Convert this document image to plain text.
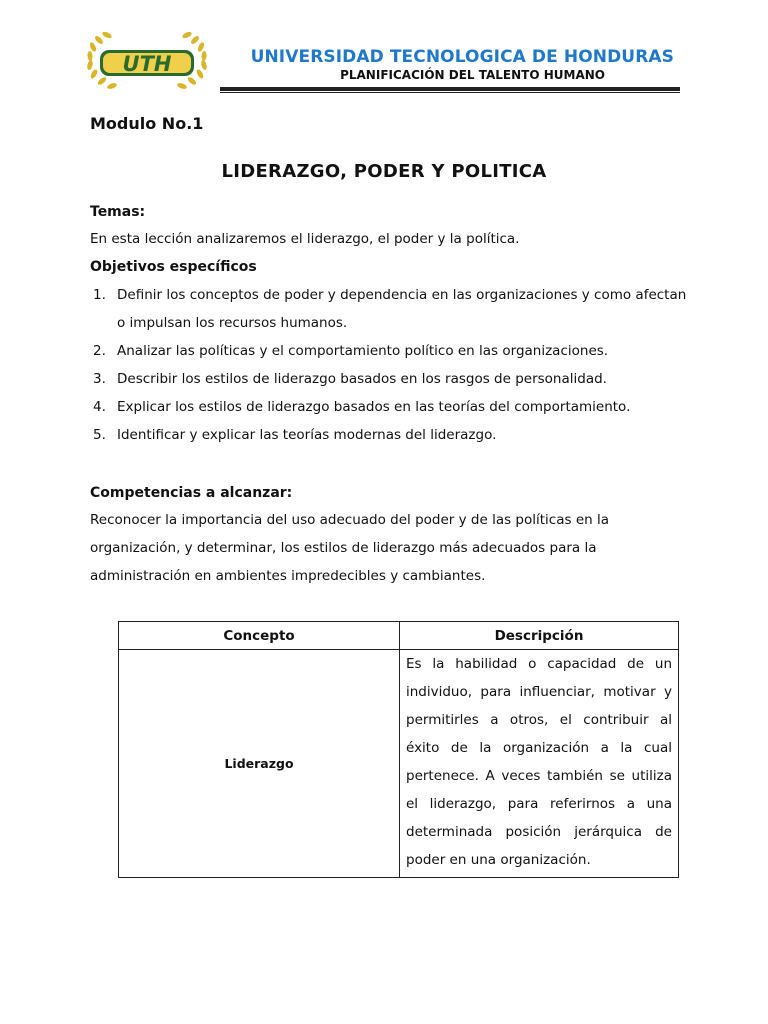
UTH	UNIVERSIDAD TECNOLOGICA DE HONDURAS
PLANIFICACIÓN DEL TALENTO HUMANO
Modulo No.1
LIDERAZGO, PODER Y POLITICA
Temas:

En esta lección analizaremos el liderazgo, el poder y la política.

Objetivos específicos
1. Definir los conceptos de poder y dependencia en las organizaciones y como afectan o impulsan los recursos humanos.
2. Analizar las políticas y el comportamiento político en las organizaciones.
3. Describir los estilos de liderazgo basados en los rasgos de personalidad.
4. Explicar los estilos de liderazgo basados en las teorías del comportamiento.
5. Identificar y explicar las teorías modernas del liderazgo.
Competencias a alcanzar:

Reconocer la importancia del uso adecuado del poder y de las políticas en la organización, y determinar, los estilos de liderazgo más adecuados para la administración en ambientes impredecibles y cambiantes.

Concepto	Descripción
Liderazgo	Es la habilidad o capacidad de un individuo, para influenciar, motivar y permitirles a otros, el contribuir al éxito de la organización a la cual pertenece. A veces también se utiliza el liderazgo, para referirnos a una determinada posición jerárquica de poder en una organización.
